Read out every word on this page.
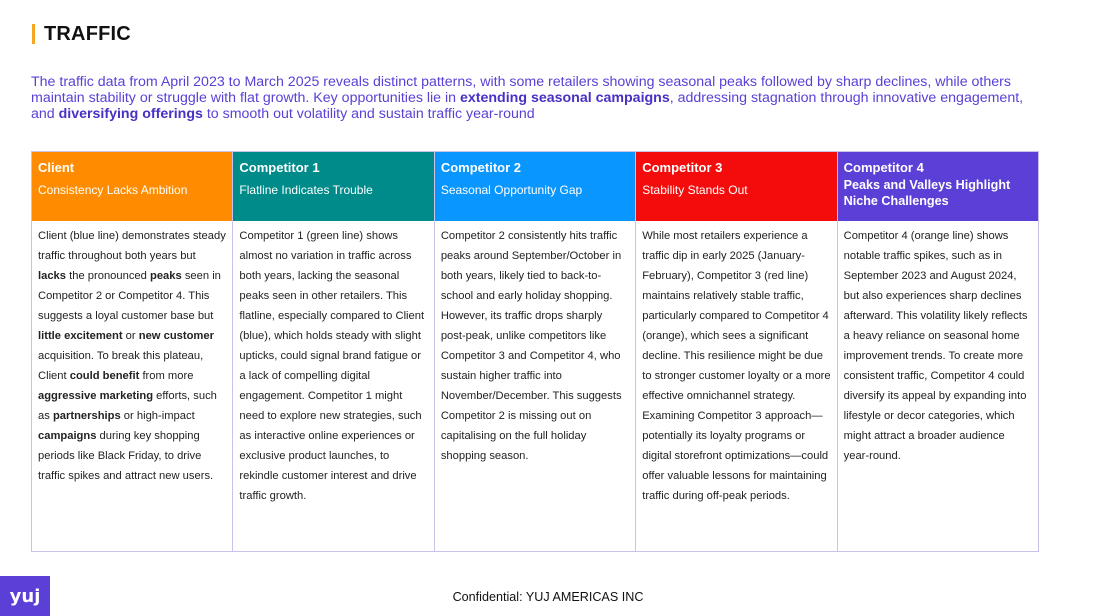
TRAFFIC

The traffic data from April 2023 to March 2025 reveals distinct patterns, with some retailers showing seasonal peaks followed by sharp declines, while others maintain stability or struggle with flat growth. Key opportunities lie in extending seasonal campaigns, addressing stagnation through innovative engagement, and diversifying offerings to smooth out volatility and sustain traffic year-round

Client
Consistency Lacks Ambition
Client (blue line) demonstrates steady traffic throughout both years but lacks the pronounced peaks seen in Competitor 2 or Competitor 4. This suggests a loyal customer base but little excitement or new customer acquisition. To break this plateau, Client could benefit from more aggressive marketing efforts, such as partnerships or high-impact campaigns during key shopping periods like Black Friday, to drive traffic spikes and attract new users.
Competitor 1
Flatline Indicates Trouble
Competitor 1 (green line) shows almost no variation in traffic across both years, lacking the seasonal peaks seen in other retailers. This flatline, especially compared to Client (blue), which holds steady with slight upticks, could signal brand fatigue or a lack of compelling digital engagement. Competitor 1 might need to explore new strategies, such as interactive online experiences or exclusive product launches, to rekindle customer interest and drive traffic growth.
Competitor 2
Seasonal Opportunity Gap
Competitor 2 consistently hits traffic peaks around September/October in both years, likely tied to back-to-school and early holiday shopping. However, its traffic drops sharply post-peak, unlike competitors like Competitor 3 and Competitor 4, who sustain higher traffic into November/December. This suggests Competitor 2 is missing out on capitalising on the full holiday shopping season.
Competitor 3
Stability Stands Out
While most retailers experience a traffic dip in early 2025 (January-February), Competitor 3 (red line) maintains relatively stable traffic, particularly compared to Competitor 4 (orange), which sees a significant decline. This resilience might be due to stronger customer loyalty or a more effective omnichannel strategy. Examining Competitor 3 approach—potentially its loyalty programs or digital storefront optimizations—could offer valuable lessons for maintaining traffic during off-peak periods.
Competitor 4
Peaks and Valleys Highlight Niche Challenges
Competitor 4 (orange line) shows notable traffic spikes, such as in September 2023 and August 2024, but also experiences sharp declines afterward. This volatility likely reflects a heavy reliance on seasonal home improvement trends. To create more consistent traffic, Competitor 4 could diversify its appeal by expanding into lifestyle or decor categories, which might attract a broader audience year-round.
Confidential: YUJ AMERICAS INC
yuj
